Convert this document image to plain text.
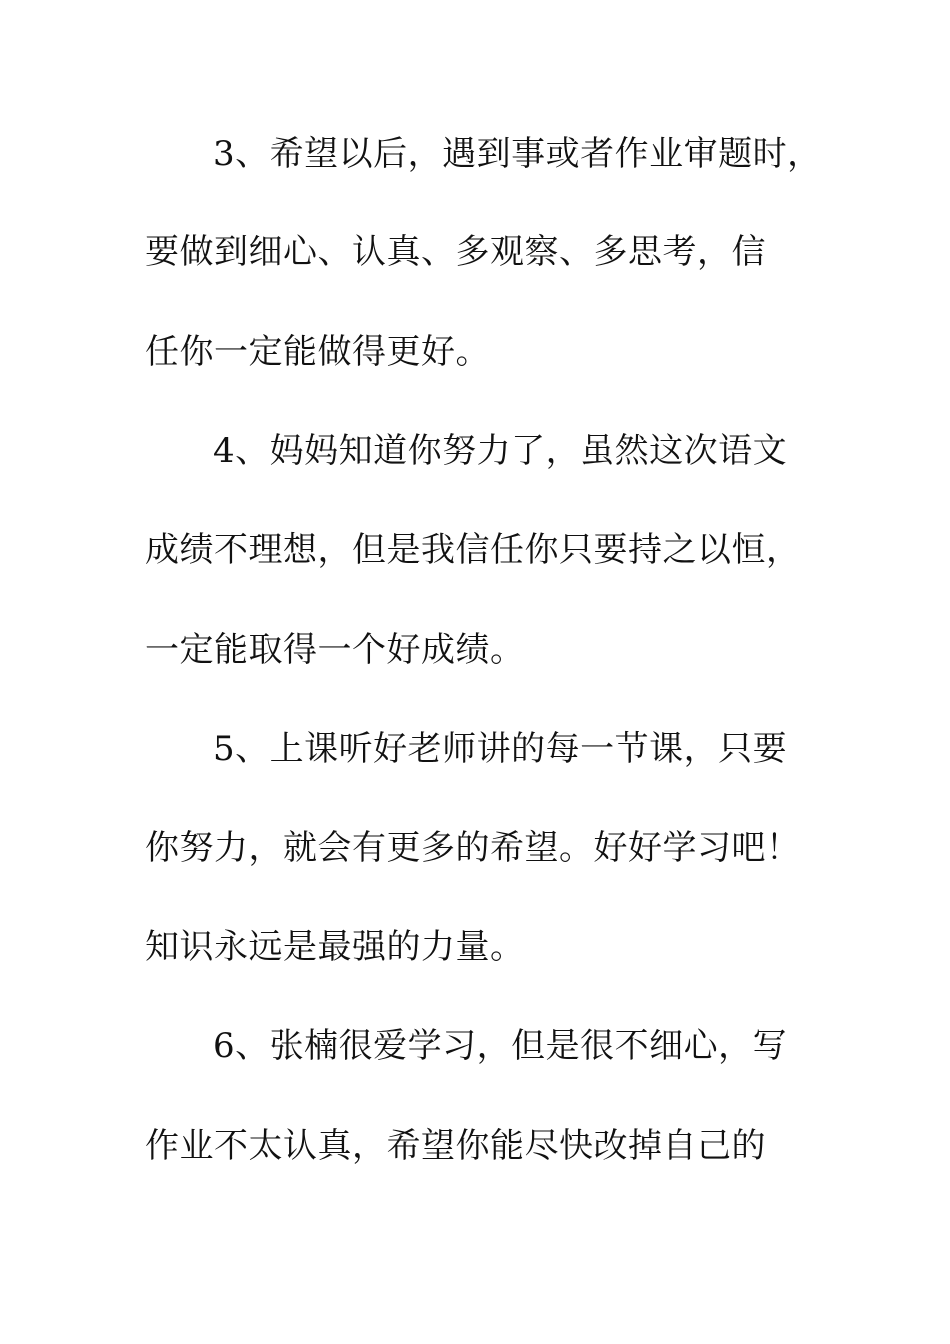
3、希望以后，遇到事或者作业审题时，
要做到细心、认真、多观察、多思考，信
任你一定能做得更好。
4、妈妈知道你努力了，虽然这次语文
成绩不理想，但是我信任你只要持之以恒，
一定能取得一个好成绩。
5、上课听好老师讲的每一节课，只要
你努力，就会有更多的希望。好好学习吧！
知识永远是最强的力量。
6、张楠很爱学习，但是很不细心，写
作业不太认真，希望你能尽快改掉自己的
